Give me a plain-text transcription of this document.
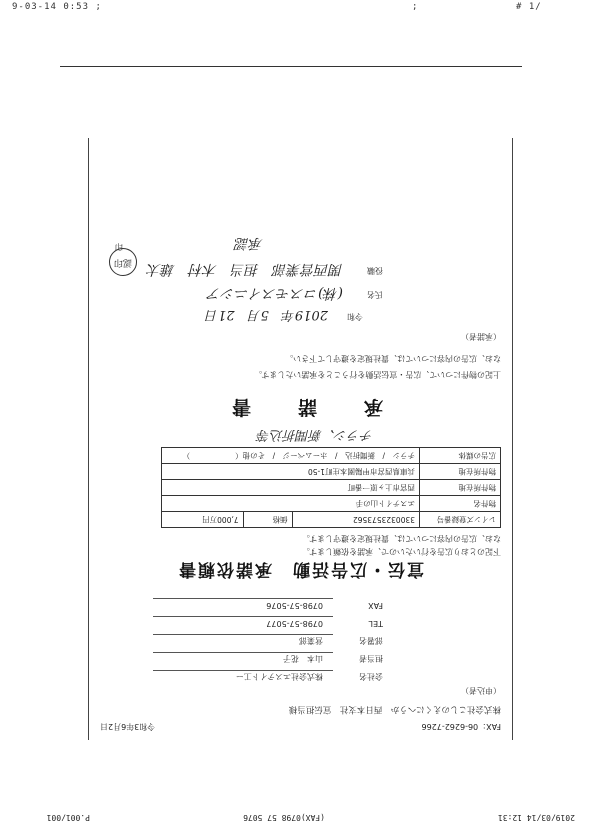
9-03-14 0:53 ;	;	# 1/
FAX：06-6262-7266
令和3年6月2日
株式会社こしのえくにへうか　西日本支社　宣伝担当様
（申込者）
会社名
株式会社エステイト工ー
担当者
山本　花子
部署名
営業部
TEL
0798-57-5077
FAX
0798-57-5076
宣伝・広告活動　承諾依頼書
下記のとおり広告を行いたいので、承諾を依頼します。
なお、広告の内容については、貴社規定を遵守します。
レインズ登録番号	3300323573562	価格	7,000万円
物件名	エステイト山の手		
物件所在地	西宮市上ヶ原一番町		
物件所在地	兵庫県西宮市甲陽園本庄町1-50		
広告の媒体	チラシ　/　新聞折込　/　ホームページ　/　その他（　　　　　　）		
チラシ、新聞折込等
承　諾　書
上記の物件について、広告・宣伝活動を行うことを承諾いたします。
なお、広告の内容については、貴社規定を遵守して下さい。
（承諾者）
令和
2019年　5月　21日
氏名
(株)コスモスイニシア
役職
関西営業部　担当　木村　雄太
印
認印
承認
2019/03/14 12:31
(FAX)0798 57 5076
P.001/001
